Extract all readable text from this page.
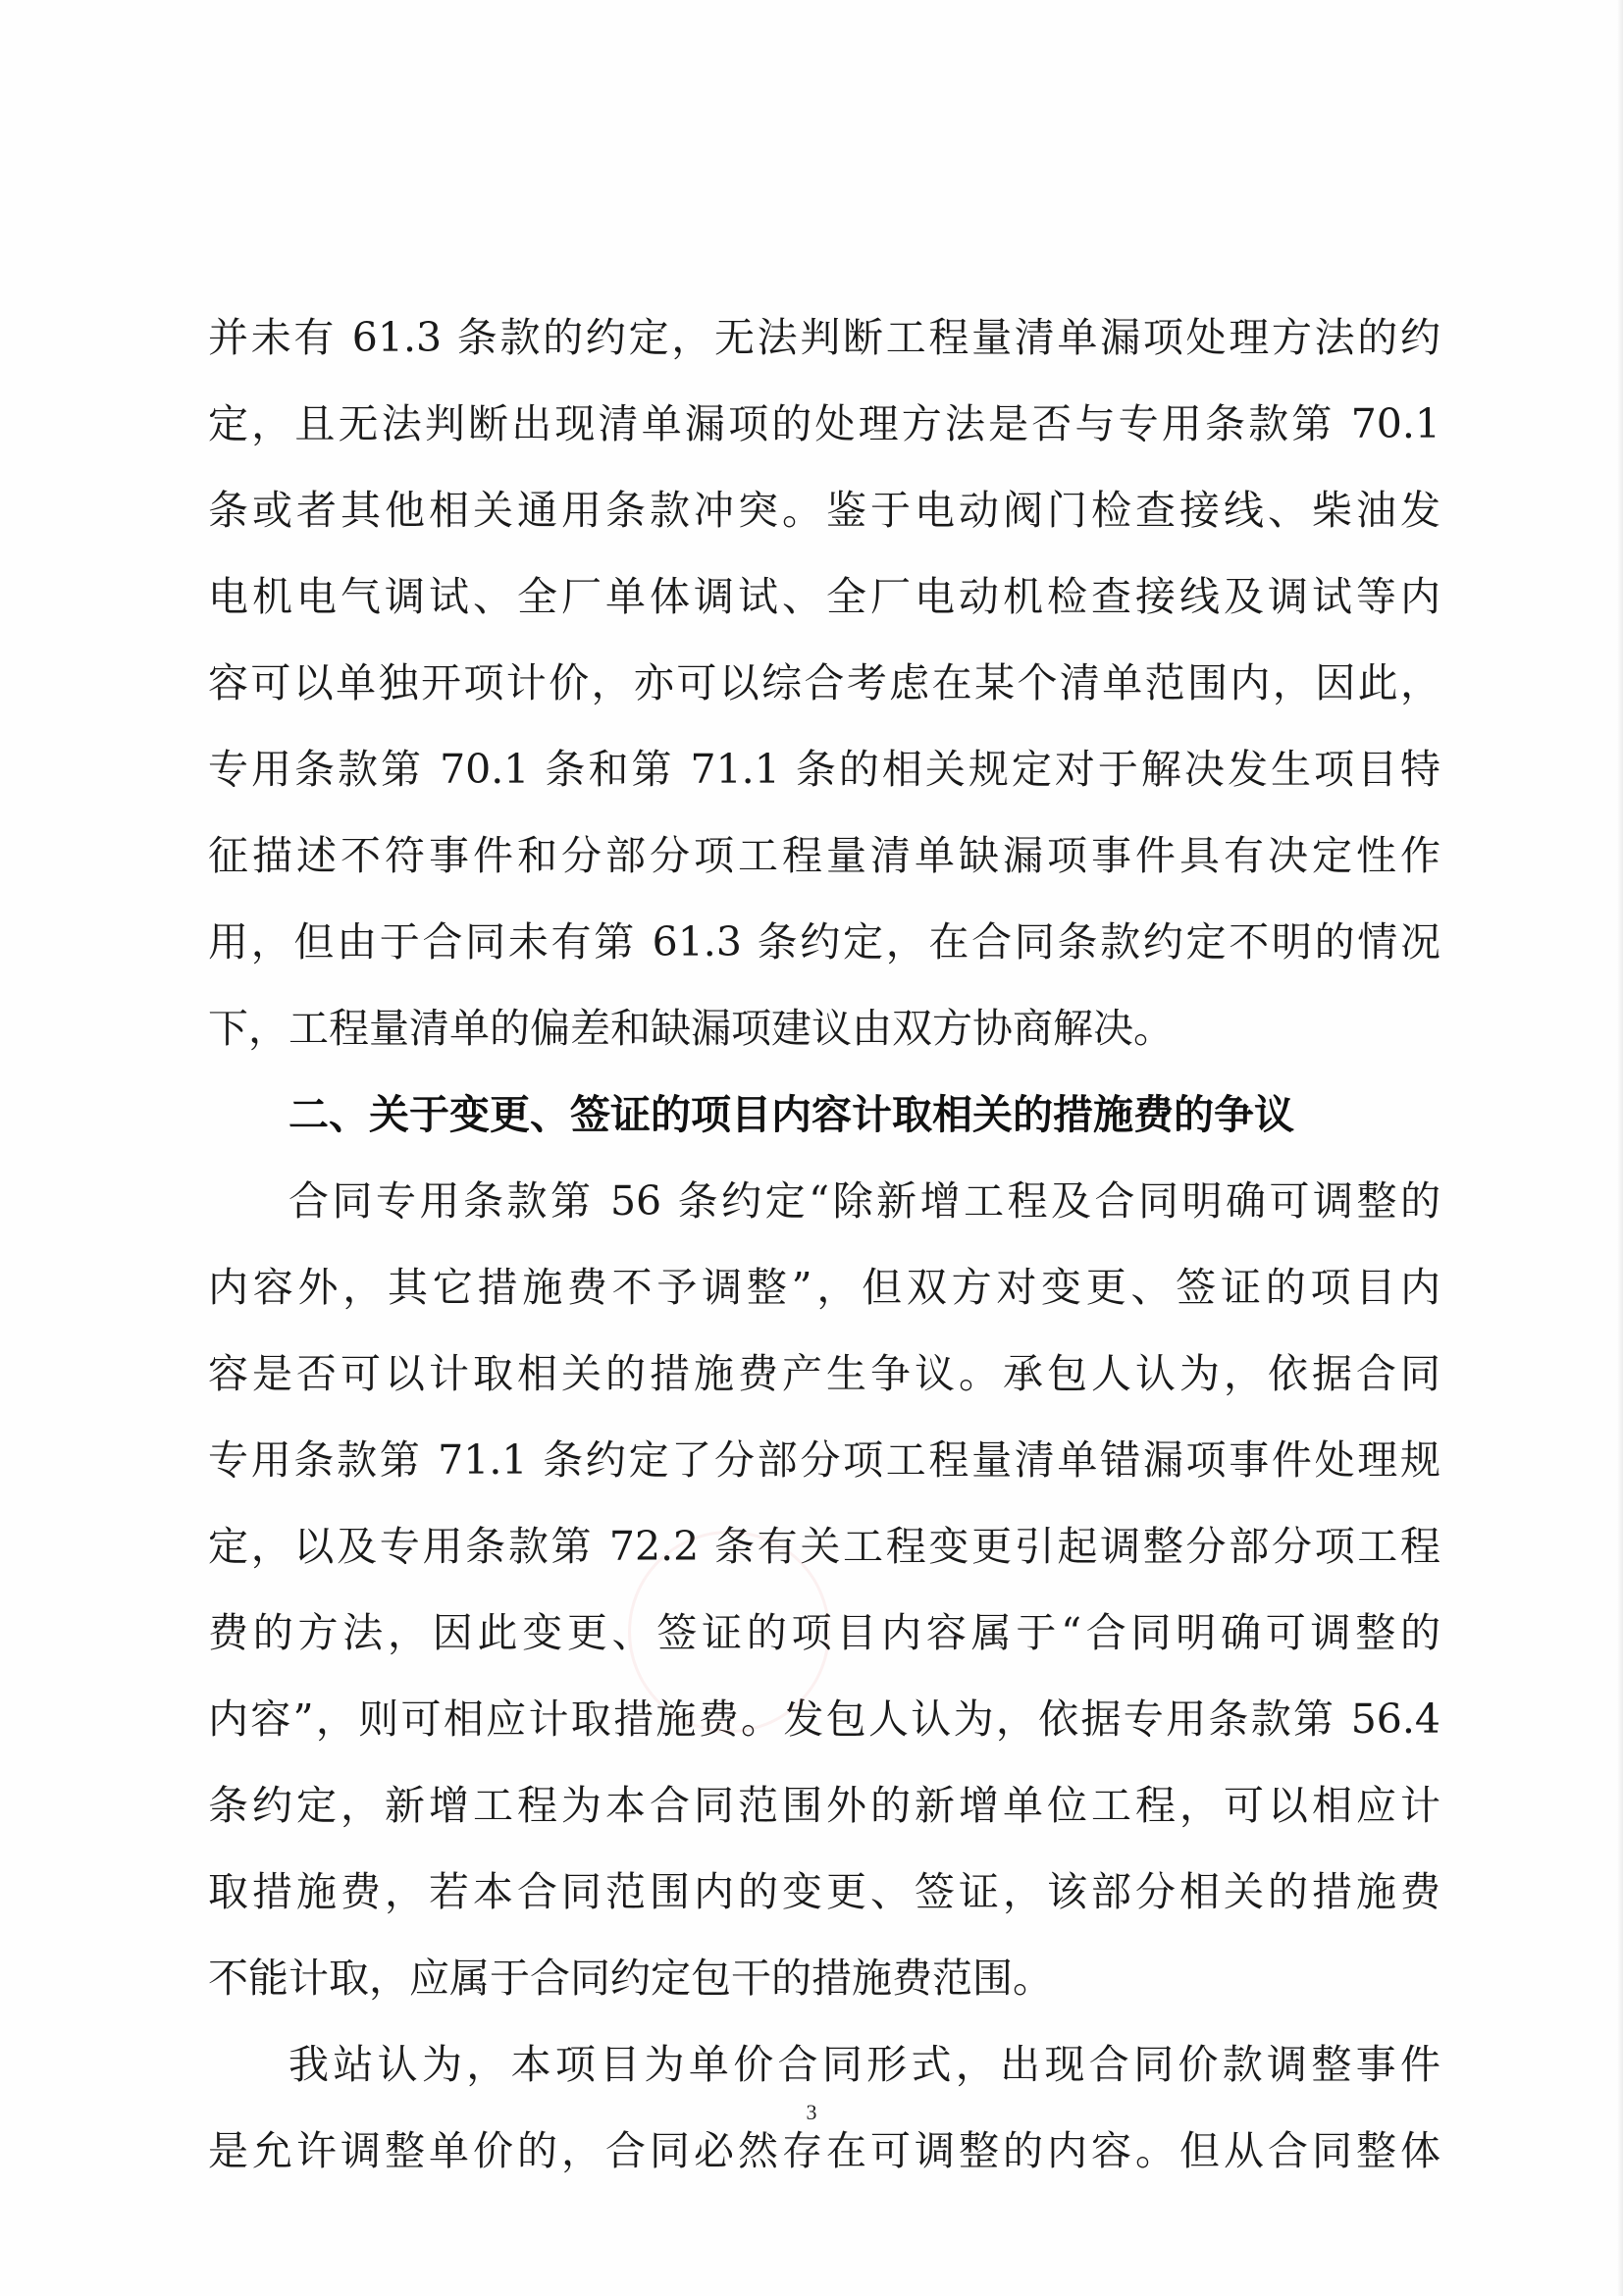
并未有 61.3 条款的约定，无法判断工程量清单漏项处理方法的约
定，且无法判断出现清单漏项的处理方法是否与专用条款第 70.1
条或者其他相关通用条款冲突。鉴于电动阀门检查接线、柴油发
电机电气调试、全厂单体调试、全厂电动机检查接线及调试等内
容可以单独开项计价，亦可以综合考虑在某个清单范围内，因此，
专用条款第 70.1 条和第 71.1 条的相关规定对于解决发生项目特
征描述不符事件和分部分项工程量清单缺漏项事件具有决定性作
用，但由于合同未有第 61.3 条约定，在合同条款约定不明的情况
下，工程量清单的偏差和缺漏项建议由双方协商解决。
二、关于变更、签证的项目内容计取相关的措施费的争议
合同专用条款第 56 条约定“除新增工程及合同明确可调整的
内容外，其它措施费不予调整”，但双方对变更、签证的项目内
容是否可以计取相关的措施费产生争议。承包人认为，依据合同
专用条款第 71.1 条约定了分部分项工程量清单错漏项事件处理规
定，以及专用条款第 72.2 条有关工程变更引起调整分部分项工程
费的方法，因此变更、签证的项目内容属于“合同明确可调整的
内容”，则可相应计取措施费。发包人认为，依据专用条款第 56.4
条约定，新增工程为本合同范围外的新增单位工程，可以相应计
取措施费，若本合同范围内的变更、签证，该部分相关的措施费
不能计取，应属于合同约定包干的措施费范围。
我站认为，本项目为单价合同形式，出现合同价款调整事件
是允许调整单价的，合同必然存在可调整的内容。但从合同整体
3
